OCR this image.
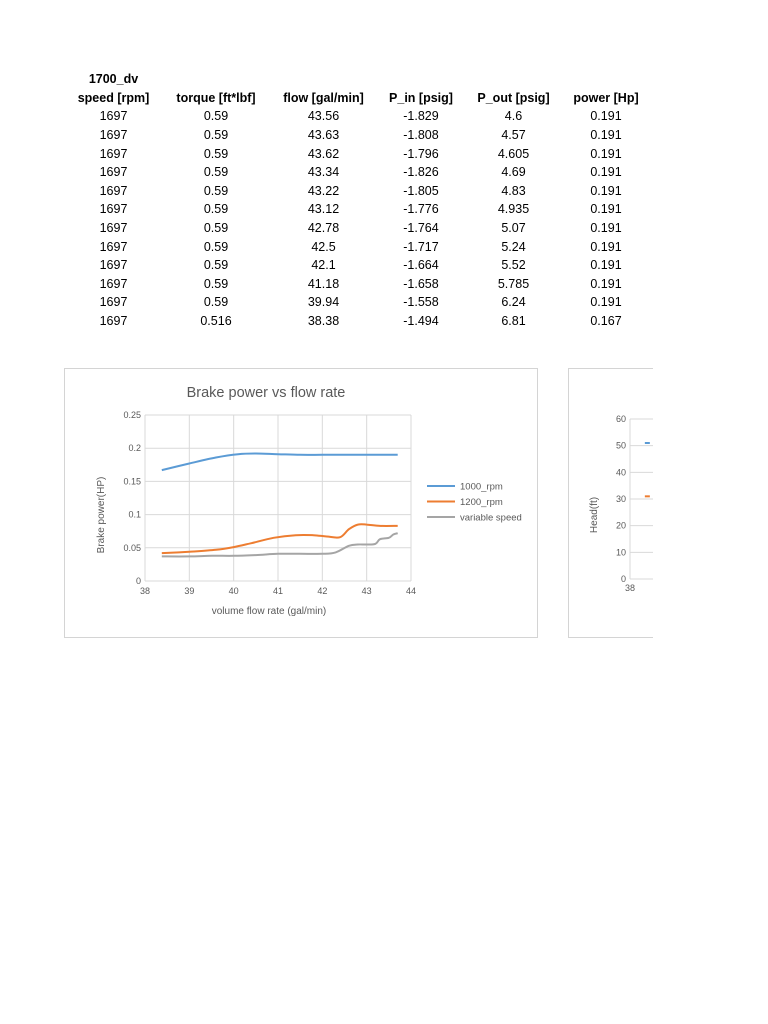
1700_dv					
speed [rpm]	torque [ft*lbf]	flow [gal/min]	P_in [psig]	P_out [psig]	power [Hp]
1697	0.59	43.56	-1.829	4.6	0.191
1697	0.59	43.63	-1.808	4.57	0.191
1697	0.59	43.62	-1.796	4.605	0.191
1697	0.59	43.34	-1.826	4.69	0.191
1697	0.59	43.22	-1.805	4.83	0.191
1697	0.59	43.12	-1.776	4.935	0.191
1697	0.59	42.78	-1.764	5.07	0.191
1697	0.59	42.5	-1.717	5.24	0.191
1697	0.59	42.1	-1.664	5.52	0.191
1697	0.59	41.18	-1.658	5.785	0.191
1697	0.59	39.94	-1.558	6.24	0.191
1697	0.516	38.38	-1.494	6.81	0.167
Brake power vs flow rate
0
0.05
0.1
0.15
0.2
0.25
38	39	40	41	42	43	44
Brake power(HP)
volume flow rate (gal/min)
1000_rpm
1200_rpm
variable speed
0
10
20
30
40
50
60
38
Head(ft)
